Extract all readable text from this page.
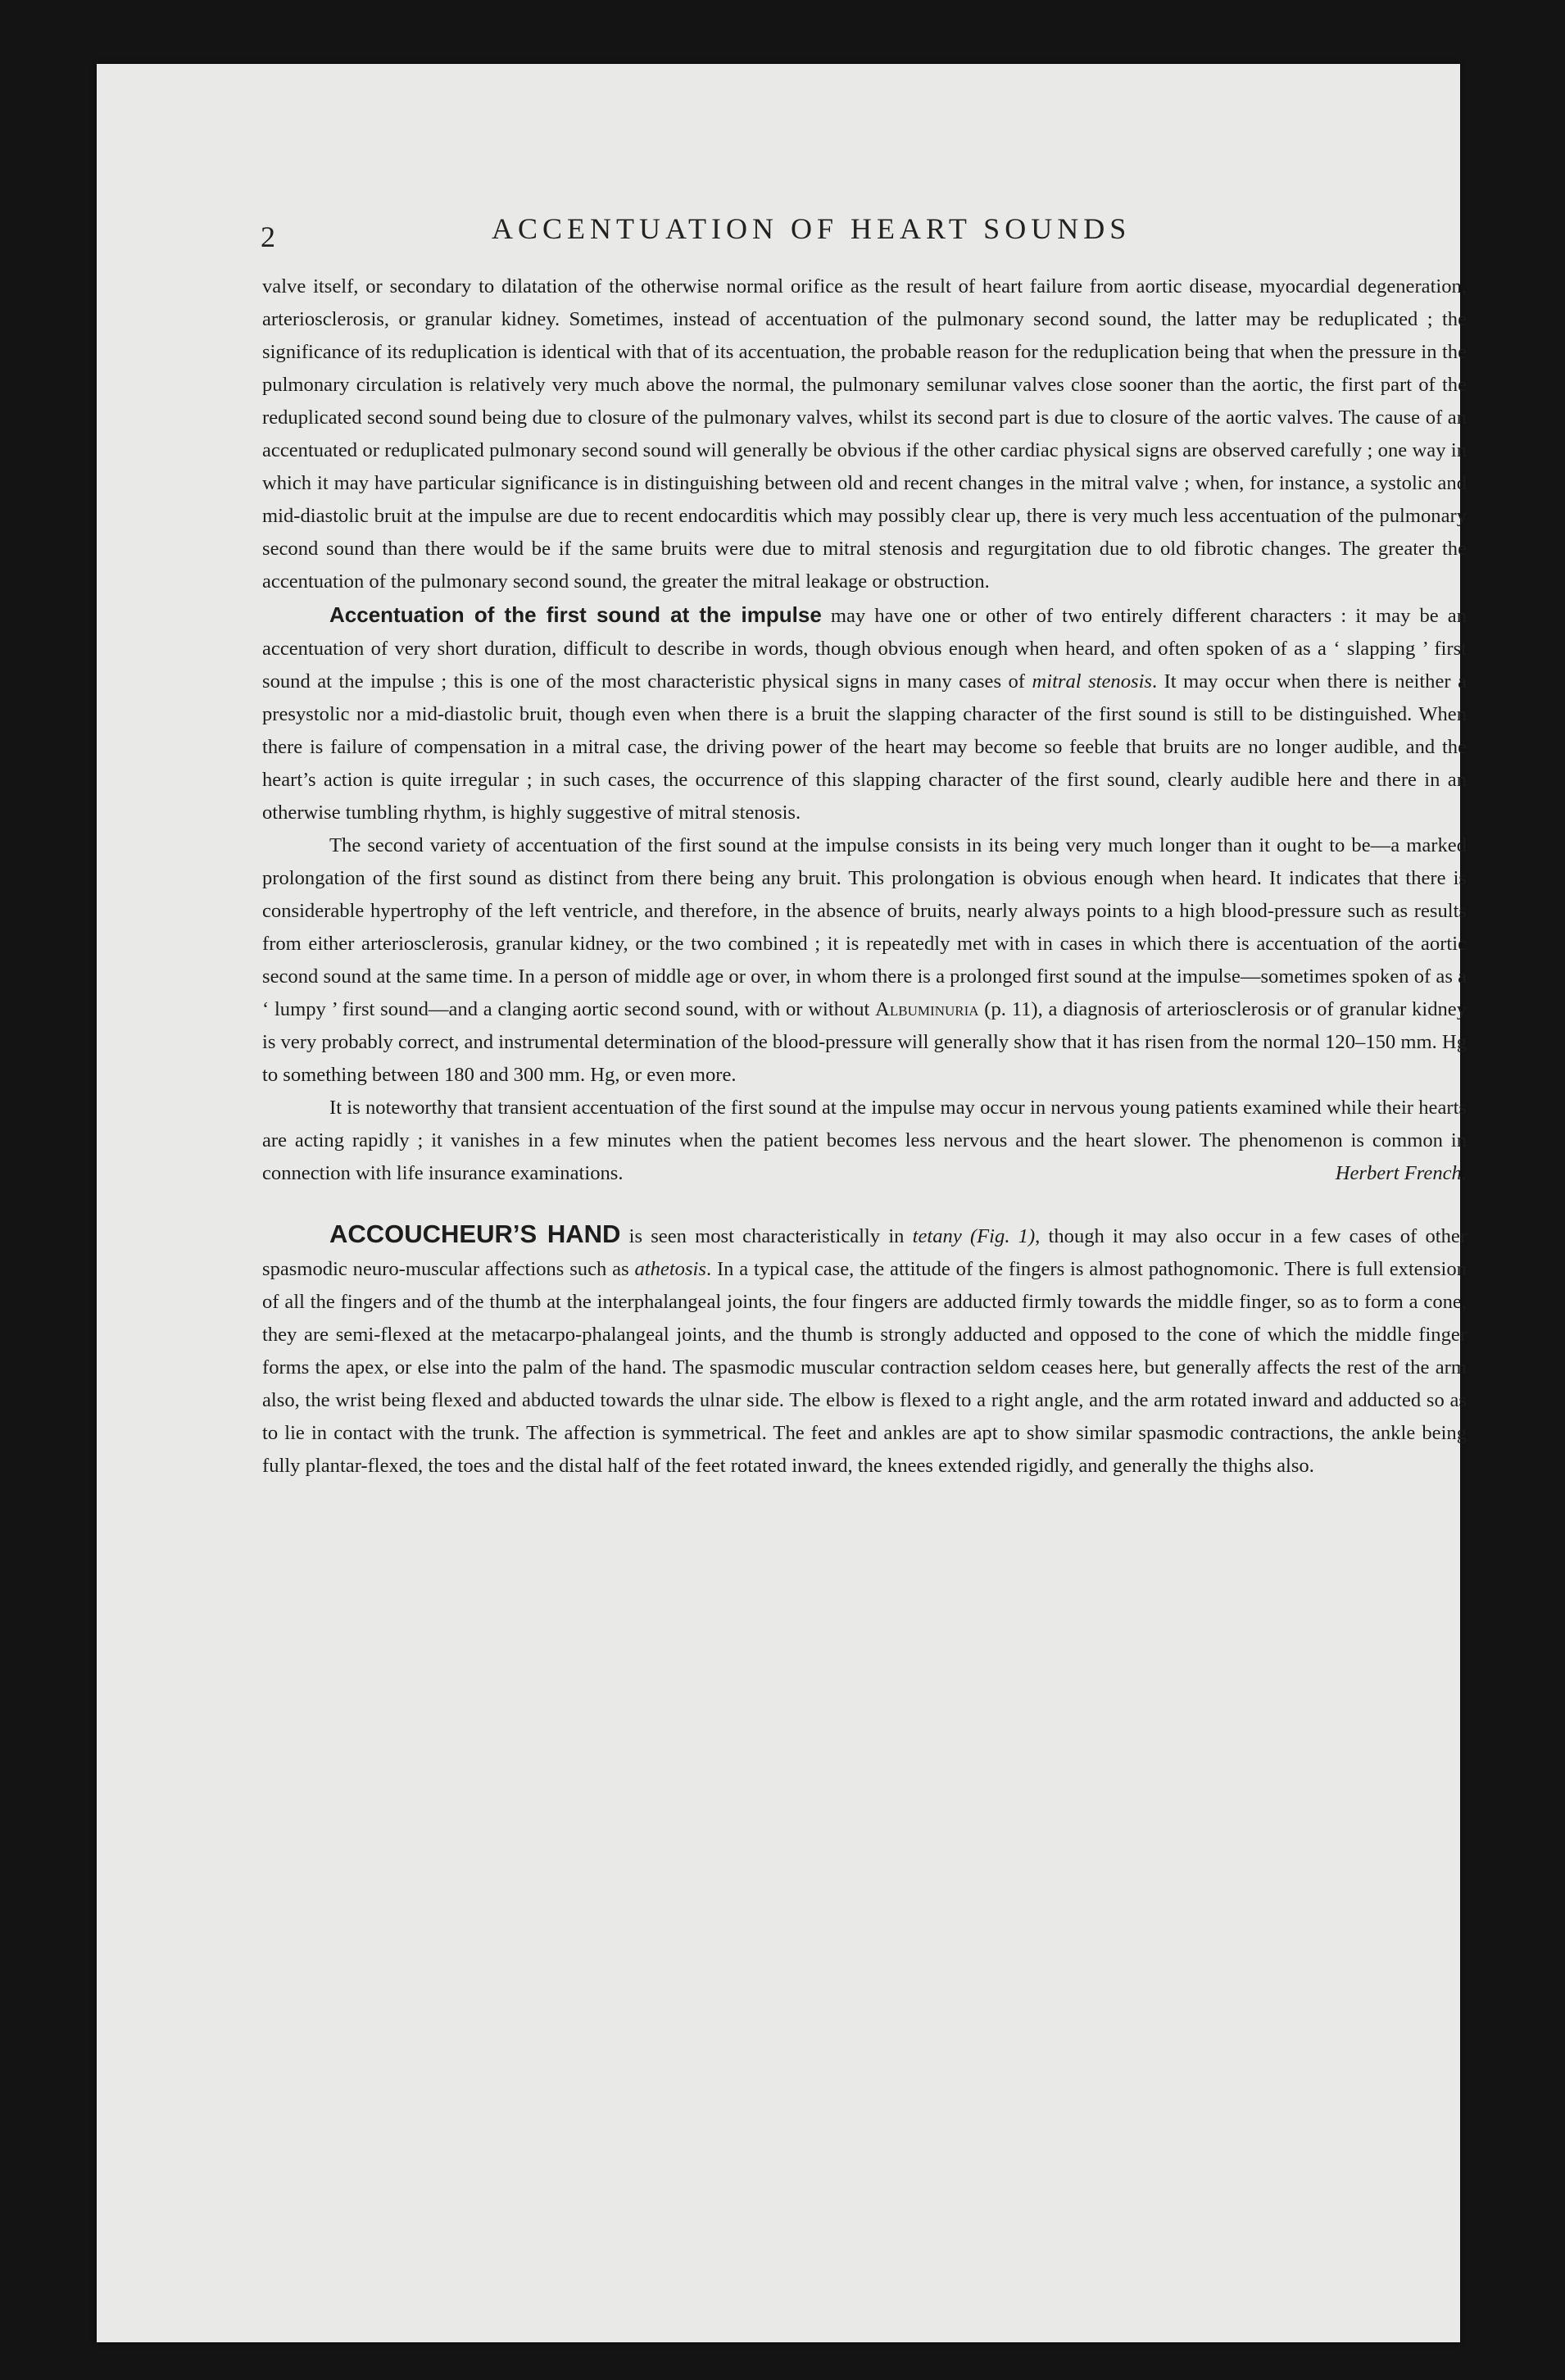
2	ACCENTUATION OF HEART SOUNDS

valve itself, or secondary to dilatation of the otherwise normal orifice as the result of heart failure from aortic disease, myocardial degeneration, arteriosclerosis, or granular kidney. Sometimes, instead of accentuation of the pulmonary second sound, the latter may be reduplicated ; the significance of its reduplication is identical with that of its accentuation, the probable reason for the reduplication being that when the pressure in the pulmonary circulation is relatively very much above the normal, the pulmonary semilunar valves close sooner than the aortic, the first part of the reduplicated second sound being due to closure of the pulmonary valves, whilst its second part is due to closure of the aortic valves. The cause of an accentuated or reduplicated pulmonary second sound will generally be obvious if the other cardiac physical signs are observed carefully ; one way in which it may have particular significance is in distinguishing between old and recent changes in the mitral valve ; when, for instance, a systolic and mid-diastolic bruit at the impulse are due to recent endocarditis which may possibly clear up, there is very much less accentuation of the pulmonary second sound than there would be if the same bruits were due to mitral stenosis and regurgitation due to old fibrotic changes. The greater the accentuation of the pulmonary second sound, the greater the mitral leakage or obstruction.

Accentuation of the first sound at the impulse may have one or other of two entirely different characters : it may be an accentuation of very short duration, difficult to describe in words, though obvious enough when heard, and often spoken of as a ‘ slapping ’ first sound at the impulse ; this is one of the most characteristic physical signs in many cases of mitral stenosis. It may occur when there is neither a presystolic nor a mid-diastolic bruit, though even when there is a bruit the slapping character of the first sound is still to be distinguished. When there is failure of compensation in a mitral case, the driving power of the heart may become so feeble that bruits are no longer audible, and the heart’s action is quite irregular ; in such cases, the occurrence of this slapping character of the first sound, clearly audible here and there in an otherwise tumbling rhythm, is highly suggestive of mitral stenosis.

The second variety of accentuation of the first sound at the impulse consists in its being very much longer than it ought to be—a marked prolongation of the first sound as distinct from there being any bruit. This prolongation is obvious enough when heard. It indicates that there is considerable hypertrophy of the left ventricle, and therefore, in the absence of bruits, nearly always points to a high blood-pressure such as results from either arteriosclerosis, granular kidney, or the two combined ; it is repeatedly met with in cases in which there is accentuation of the aortic second sound at the same time. In a person of middle age or over, in whom there is a prolonged first sound at the impulse—sometimes spoken of as a ‘ lumpy ’ first sound—and a clanging aortic second sound, with or without Albuminuria (p. 11), a diagnosis of arteriosclerosis or of granular kidney is very probably correct, and instrumental determination of the blood-pressure will generally show that it has risen from the normal 120–150 mm. Hg to something between 180 and 300 mm. Hg, or even more.

It is noteworthy that transient accentuation of the first sound at the impulse may occur in nervous young patients examined while their hearts are acting rapidly ; it vanishes in a few minutes when the patient becomes less nervous and the heart slower. The phenomenon is common in connection with life insurance examinations.	Herbert French.

ACCOUCHEUR’S HAND is seen most characteristically in tetany (Fig. 1), though it may also occur in a few cases of other spasmodic neuro-muscular affections such as athetosis. In a typical case, the attitude of the fingers is almost pathognomonic. There is full extension of all the fingers and of the thumb at the interphalangeal joints, the four fingers are adducted firmly towards the middle finger, so as to form a cone, they are semi-flexed at the metacarpo-phalangeal joints, and the thumb is strongly adducted and opposed to the cone of which the middle finger forms the apex, or else into the palm of the hand. The spasmodic muscular contraction seldom ceases here, but generally affects the rest of the arm also, the wrist being flexed and abducted towards the ulnar side. The elbow is flexed to a right angle, and the arm rotated inward and adducted so as to lie in contact with the trunk. The affection is symmetrical. The feet and ankles are apt to show similar spasmodic contractions, the ankle being fully plantar-flexed, the toes and the distal half of the feet rotated inward, the knees extended rigidly, and generally the thighs also.
